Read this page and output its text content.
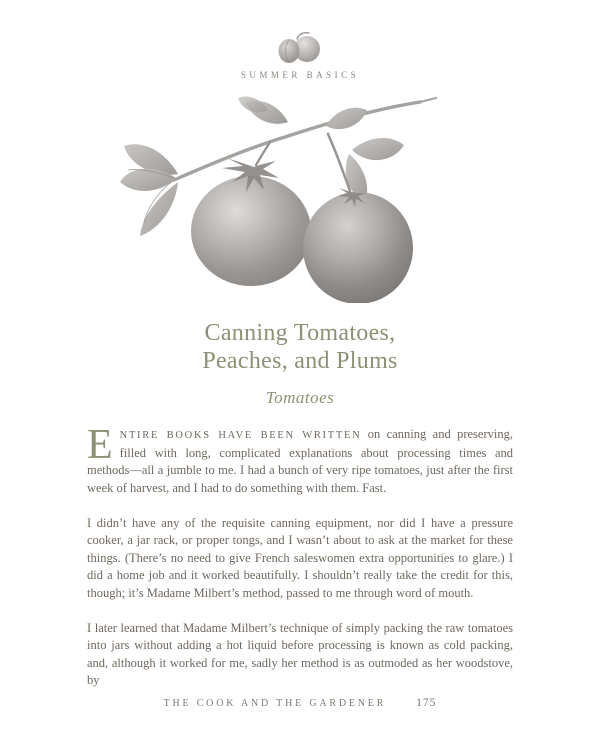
SUMMER BASICS
Canning Tomatoes,
Peaches, and Plums
Tomatoes

E NTIRE BOOKS HAVE BEEN WRITTEN on canning and preserving, filled with long, complicated explanations about processing times and methods—all a jumble to me. I had a bunch of very ripe tomatoes, just after the first week of harvest, and I had to do something with them. Fast.

I didn’t have any of the requisite canning equipment, nor did I have a pressure cooker, a jar rack, or proper tongs, and I wasn’t about to ask at the market for these things. (There’s no need to give French saleswomen extra opportunities to glare.) I did a home job and it worked beautifully. I shouldn’t really take the credit for this, though; it’s Madame Milbert’s method, passed to me through word of mouth.

I later learned that Madame Milbert’s technique of simply packing the raw tomatoes into jars without adding a hot liquid before processing is known as cold packing, and, although it worked for me, sadly her method is as outmoded as her woodstove, by

THE COOK AND THE GARDENER	175
